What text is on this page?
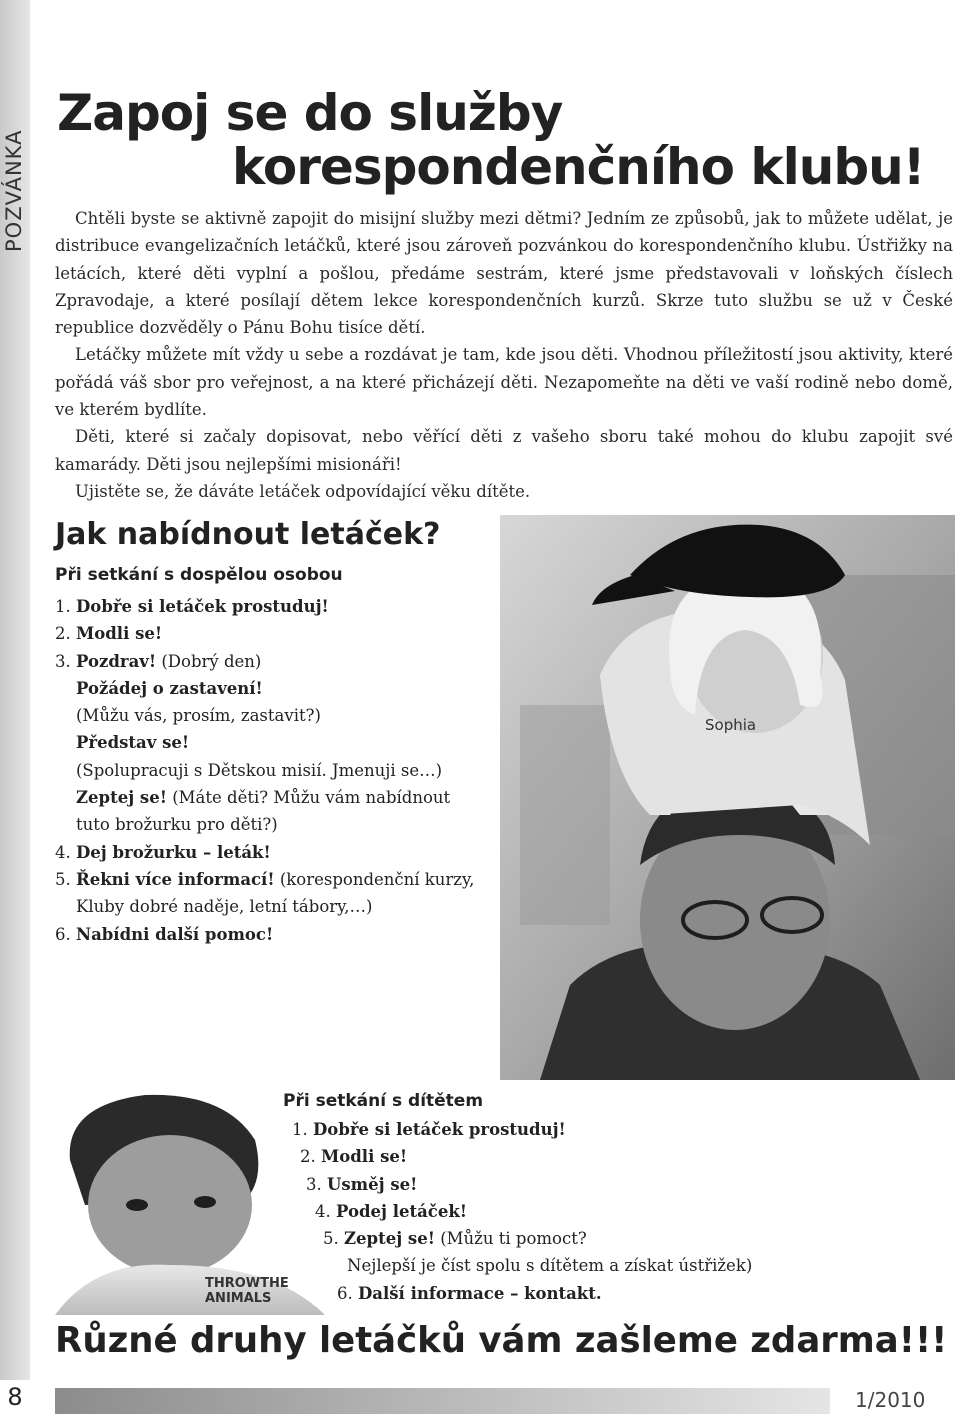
POZVÁNKA
Zapoj se do služby
korespondenčního klubu!

Chtěli byste se aktivně zapojit do misijní služby mezi dětmi? Jedním ze způsobů, jak to můžete udělat, je distribuce evangelizačních letáčků, které jsou zároveň pozvánkou do korespondenčního klubu. Ústřižky na letácích, které děti vyplní a pošlou, předáme sestrám, které jsme představovali v loňských číslech Zpravodaje, a které posílají dětem lekce korespondenčních kurzů. Skrze tuto službu se už v České republice dozvěděly o Pánu Bohu tisíce dětí.

Letáčky můžete mít vždy u sebe a rozdávat je tam, kde jsou děti. Vhodnou příležitostí jsou aktivity, které pořádá váš sbor pro veřejnost, a na které přicházejí děti. Nezapomeňte na děti ve vaší rodině nebo domě, ve kterém bydlíte.

Děti, které si začaly dopisovat, nebo věřící děti z vašeho sboru také mohou do klubu zapojit své kamarády. Děti jsou nejlepšími misionáři!

Ujistěte se, že dáváte letáček odpovídající věku dítěte.

Jak nabídnout letáček?
Při setkání s dospělou osobou
1. Dobře si letáček prostuduj!
2. Modli se!
3. Pozdrav! (Dobrý den)
Požádej o zastavení!
(Můžu vás, prosím, zastavit?)
Představ se!
(Spolupracuji s Dětskou misií. Jmenuji se…)
Zeptej se! (Máte děti? Můžu vám nabídnout
tuto brožurku pro děti?)
4. Dej brožurku – leták!
5. Řekni více informací! (korespondenční kurzy,
Kluby dobré naděje, letní tábory,…)
6. Nabídni další pomoc!
Sophia
THROWTHE
ANIMALS
Při setkání s dítětem
1. Dobře si letáček prostuduj!
2. Modli se!
3. Usměj se!
4. Podej letáček!
5. Zeptej se! (Můžu ti pomoct?
Nejlepší je číst spolu s dítětem a získat ústřižek)
6. Další informace – kontakt.
Různé druhy letáčků vám zašleme zdarma!!!
8	1/2010
